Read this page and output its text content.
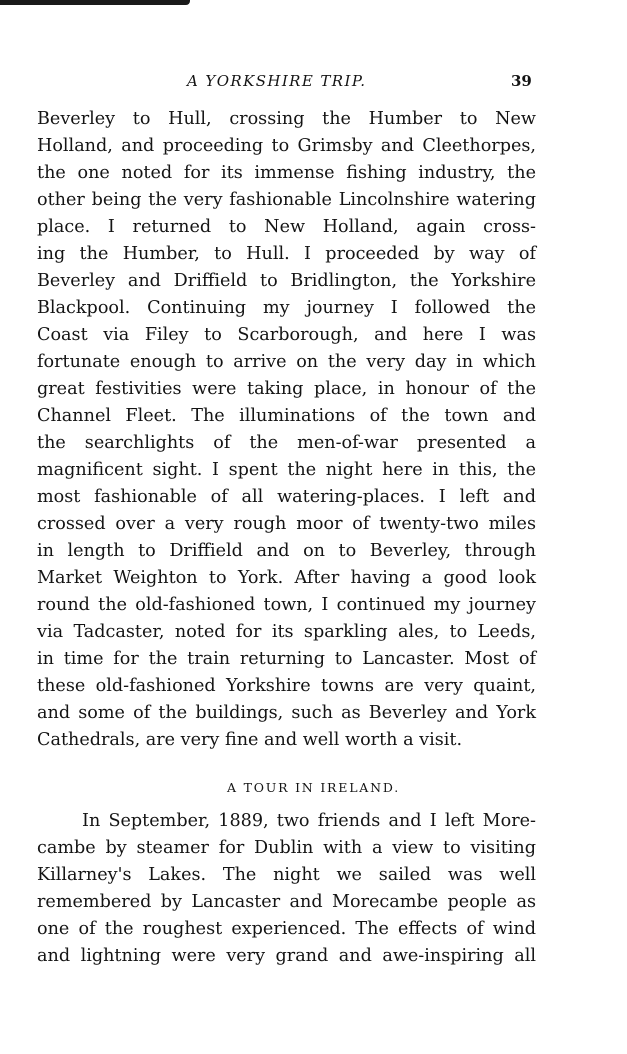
A YORKSHIRE TRIP.	39
Beverley to Hull, crossing the Humber to New
Holland, and proceeding to Grimsby and Cleethorpes,
the one noted for its immense fishing industry, the
other being the very fashionable Lincolnshire watering
place. I returned to New Holland, again cross-
ing the Humber, to Hull. I proceeded by way of
Beverley and Driffield to Bridlington, the Yorkshire
Blackpool. Continuing my journey I followed the
Coast via Filey to Scarborough, and here I was
fortunate enough to arrive on the very day in which
great festivities were taking place, in honour of the
Channel Fleet. The illuminations of the town and
the searchlights of the men-of-war presented a
magnificent sight. I spent the night here in this, the
most fashionable of all watering-places. I left and
crossed over a very rough moor of twenty-two miles
in length to Driffield and on to Beverley, through
Market Weighton to York. After having a good look
round the old-fashioned town, I continued my journey
via Tadcaster, noted for its sparkling ales, to Leeds,
in time for the train returning to Lancaster. Most of
these old-fashioned Yorkshire towns are very quaint,
and some of the buildings, such as Beverley and York
Cathedrals, are very fine and well worth a visit.
A TOUR IN IRELAND.
In September, 1889, two friends and I left More-
cambe by steamer for Dublin with a view to visiting
Killarney's Lakes. The night we sailed was well
remembered by Lancaster and Morecambe people as
one of the roughest experienced. The effects of wind
and lightning were very grand and awe-inspiring all
